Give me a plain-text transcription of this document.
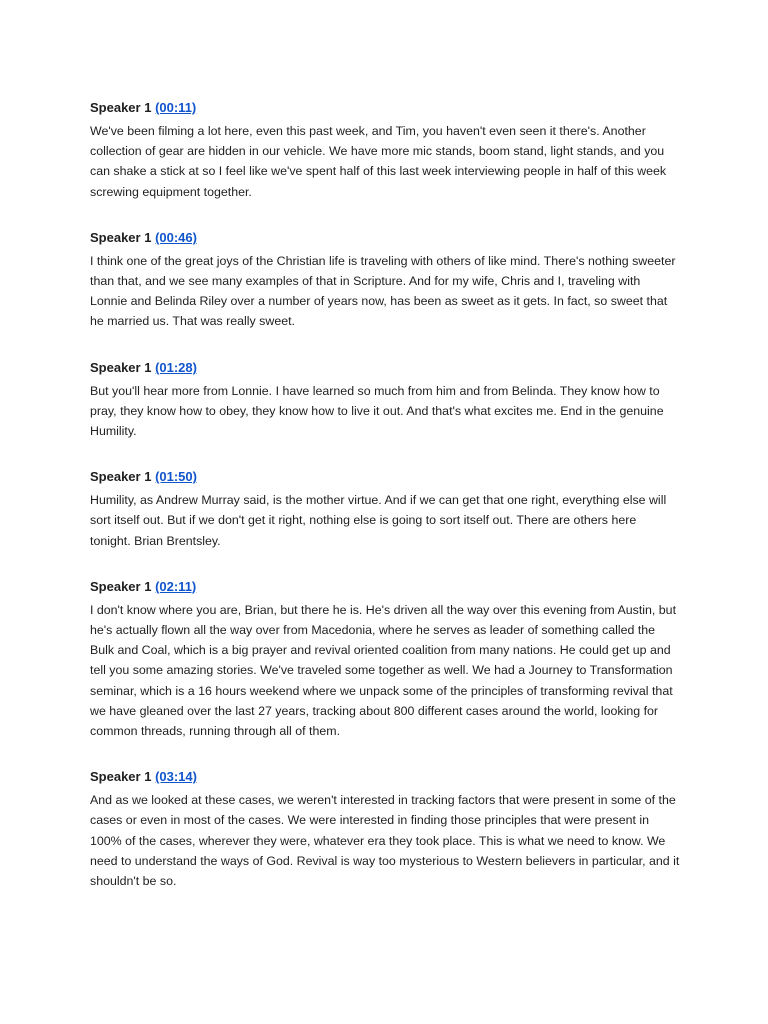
Speaker 1 (00:11)

We've been filming a lot here, even this past week, and Tim, you haven't even seen it there's. Another collection of gear are hidden in our vehicle. We have more mic stands, boom stand, light stands, and you can shake a stick at so I feel like we've spent half of this last week interviewing people in half of this week screwing equipment together.

Speaker 1 (00:46)

I think one of the great joys of the Christian life is traveling with others of like mind. There's nothing sweeter than that, and we see many examples of that in Scripture. And for my wife, Chris and I, traveling with Lonnie and Belinda Riley over a number of years now, has been as sweet as it gets. In fact, so sweet that he married us. That was really sweet.

Speaker 1 (01:28)

But you'll hear more from Lonnie. I have learned so much from him and from Belinda. They know how to pray, they know how to obey, they know how to live it out. And that's what excites me. End in the genuine Humility.

Speaker 1 (01:50)

Humility, as Andrew Murray said, is the mother virtue. And if we can get that one right, everything else will sort itself out. But if we don't get it right, nothing else is going to sort itself out. There are others here tonight. Brian Brentsley.

Speaker 1 (02:11)

I don't know where you are, Brian, but there he is. He's driven all the way over this evening from Austin, but he's actually flown all the way over from Macedonia, where he serves as leader of something called the Bulk and Coal, which is a big prayer and revival oriented coalition from many nations. He could get up and tell you some amazing stories. We've traveled some together as well. We had a Journey to Transformation seminar, which is a 16 hours weekend where we unpack some of the principles of transforming revival that we have gleaned over the last 27 years, tracking about 800 different cases around the world, looking for common threads, running through all of them.

Speaker 1 (03:14)

And as we looked at these cases, we weren't interested in tracking factors that were present in some of the cases or even in most of the cases. We were interested in finding those principles that were present in 100% of the cases, wherever they were, whatever era they took place. This is what we need to know. We need to understand the ways of God. Revival is way too mysterious to Western believers in particular, and it shouldn't be so.
